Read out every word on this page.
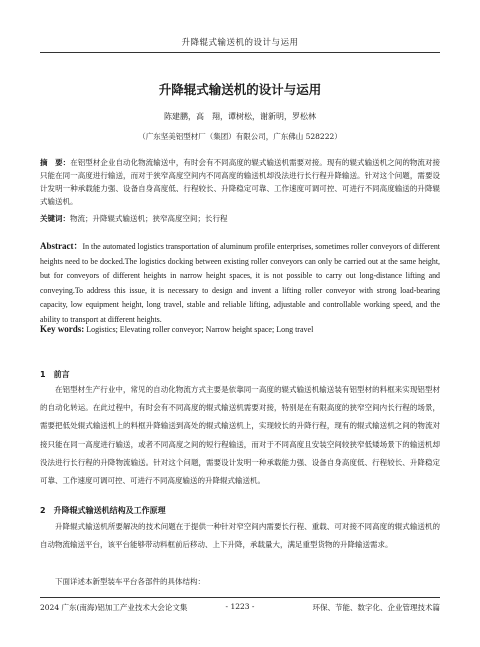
升降辊式输送机的设计与运用
升降辊式输送机的设计与运用
陈建鹏，高　翔，谭树松，谢新明，罗松林
（广东坚美铝型材厂（集团）有限公司，广东佛山 528222）
摘　要：在铝型材企业自动化物流输送中，有时会有不同高度的辊式输送机需要对接。现有的辊式输送机之间的物流对接只能在同一高度进行输送，而对于狭窄高度空间内不同高度的输送机却没法进行长行程升降输送。针对这个问题，需要设计发明一种承载能力强、设备自身高度低、行程较长、升降稳定可靠、工作速度可调可控、可进行不同高度输送的升降辊式输送机。
关键词：物流；升降辊式输送机；狭窄高度空间；长行程
Abstract：In the automated logistics transportation of aluminum profile enterprises, sometimes roller conveyors of different heights need to be docked.The logistics docking between existing roller conveyors can only be carried out at the same height, but for conveyors of different heights in narrow height spaces, it is not possible to carry out long-distance lifting and conveying.To address this issue, it is necessary to design and invent a lifting roller conveyor with strong load-bearing capacity, low equipment height, long travel, stable and reliable lifting, adjustable and controllable working speed, and the ability to transport at different heights.
Key words: Logistics; Elevating roller conveyor; Narrow height space; Long travel
1 前言
在铝型材生产行业中，常见的自动化物流方式主要是依靠同一高度的辊式输送机输送装有铝型材的料框来实现铝型材的自动化转运。在此过程中，有时会有不同高度的辊式输送机需要对接，特别是在有限高度的狭窄空间内长行程的场景，需要把低处辊式输送机上的料框升降输送到高处的辊式输送机上，实现较长的升降行程，现有的辊式输送机之间的物流对接只能在同一高度进行输送，或者不同高度之间的短行程输送，而对于不同高度且安装空间较狭窄低矮场景下的输送机却没法进行长行程的升降物流输送。针对这个问题，需要设计发明一种承载能力强、设备自身高度低、行程较长、升降稳定可靠、工作速度可调可控、可进行不同高度输送的升降辊式输送机。
2 升降辊式输送机结构及工作原理
升降辊式输送机所要解决的技术问题在于提供一种针对窄空间内需要长行程、重载、可对接不同高度的辊式输送机的自动物流输送平台，该平台能够带动料框前后移动、上下升降，承载量大，满足重型货物的升降输送需求。
下面详述本新型装车平台各部件的具体结构：
2024 广东(南海)铝加工产业技术大会论文集	- 1223 -	环保、节能、数字化、企业管理技术篇
